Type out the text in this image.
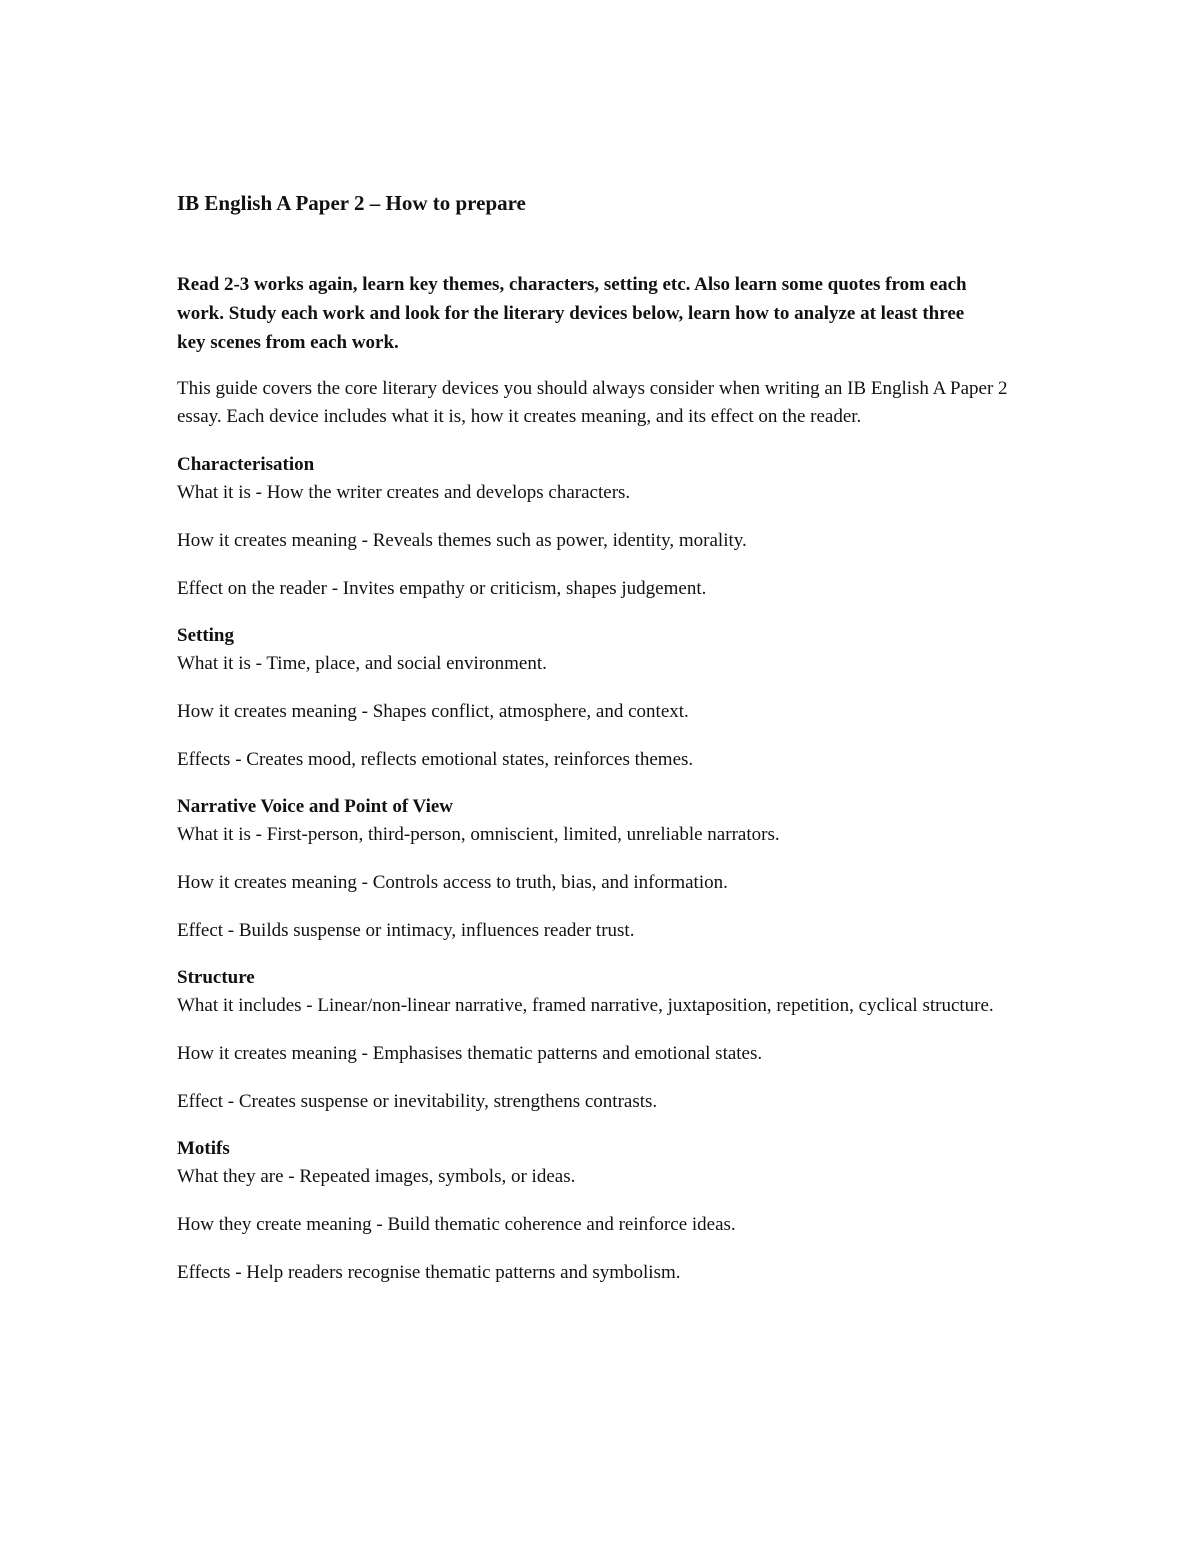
IB English A Paper 2 – How to prepare

Read 2-3 works again, learn key themes, characters, setting etc. Also learn some quotes from each work. Study each work and look for the literary devices below, learn how to analyze at least three key scenes from each work.

This guide covers the core literary devices you should always consider when writing an IB English A Paper 2 essay. Each device includes what it is, how it creates meaning, and its effect on the reader.

Characterisation

What it is - How the writer creates and develops characters.

How it creates meaning - Reveals themes such as power, identity, morality.

Effect on the reader - Invites empathy or criticism, shapes judgement.

Setting

What it is - Time, place, and social environment.

How it creates meaning - Shapes conflict, atmosphere, and context.

Effects - Creates mood, reflects emotional states, reinforces themes.

Narrative Voice and Point of View

What it is - First-person, third-person, omniscient, limited, unreliable narrators.

How it creates meaning - Controls access to truth, bias, and information.

Effect - Builds suspense or intimacy, influences reader trust.

Structure

What it includes - Linear/non-linear narrative, framed narrative, juxtaposition, repetition, cyclical structure.

How it creates meaning - Emphasises thematic patterns and emotional states.

Effect - Creates suspense or inevitability, strengthens contrasts.

Motifs

What they are - Repeated images, symbols, or ideas.

How they create meaning - Build thematic coherence and reinforce ideas.

Effects - Help readers recognise thematic patterns and symbolism.
